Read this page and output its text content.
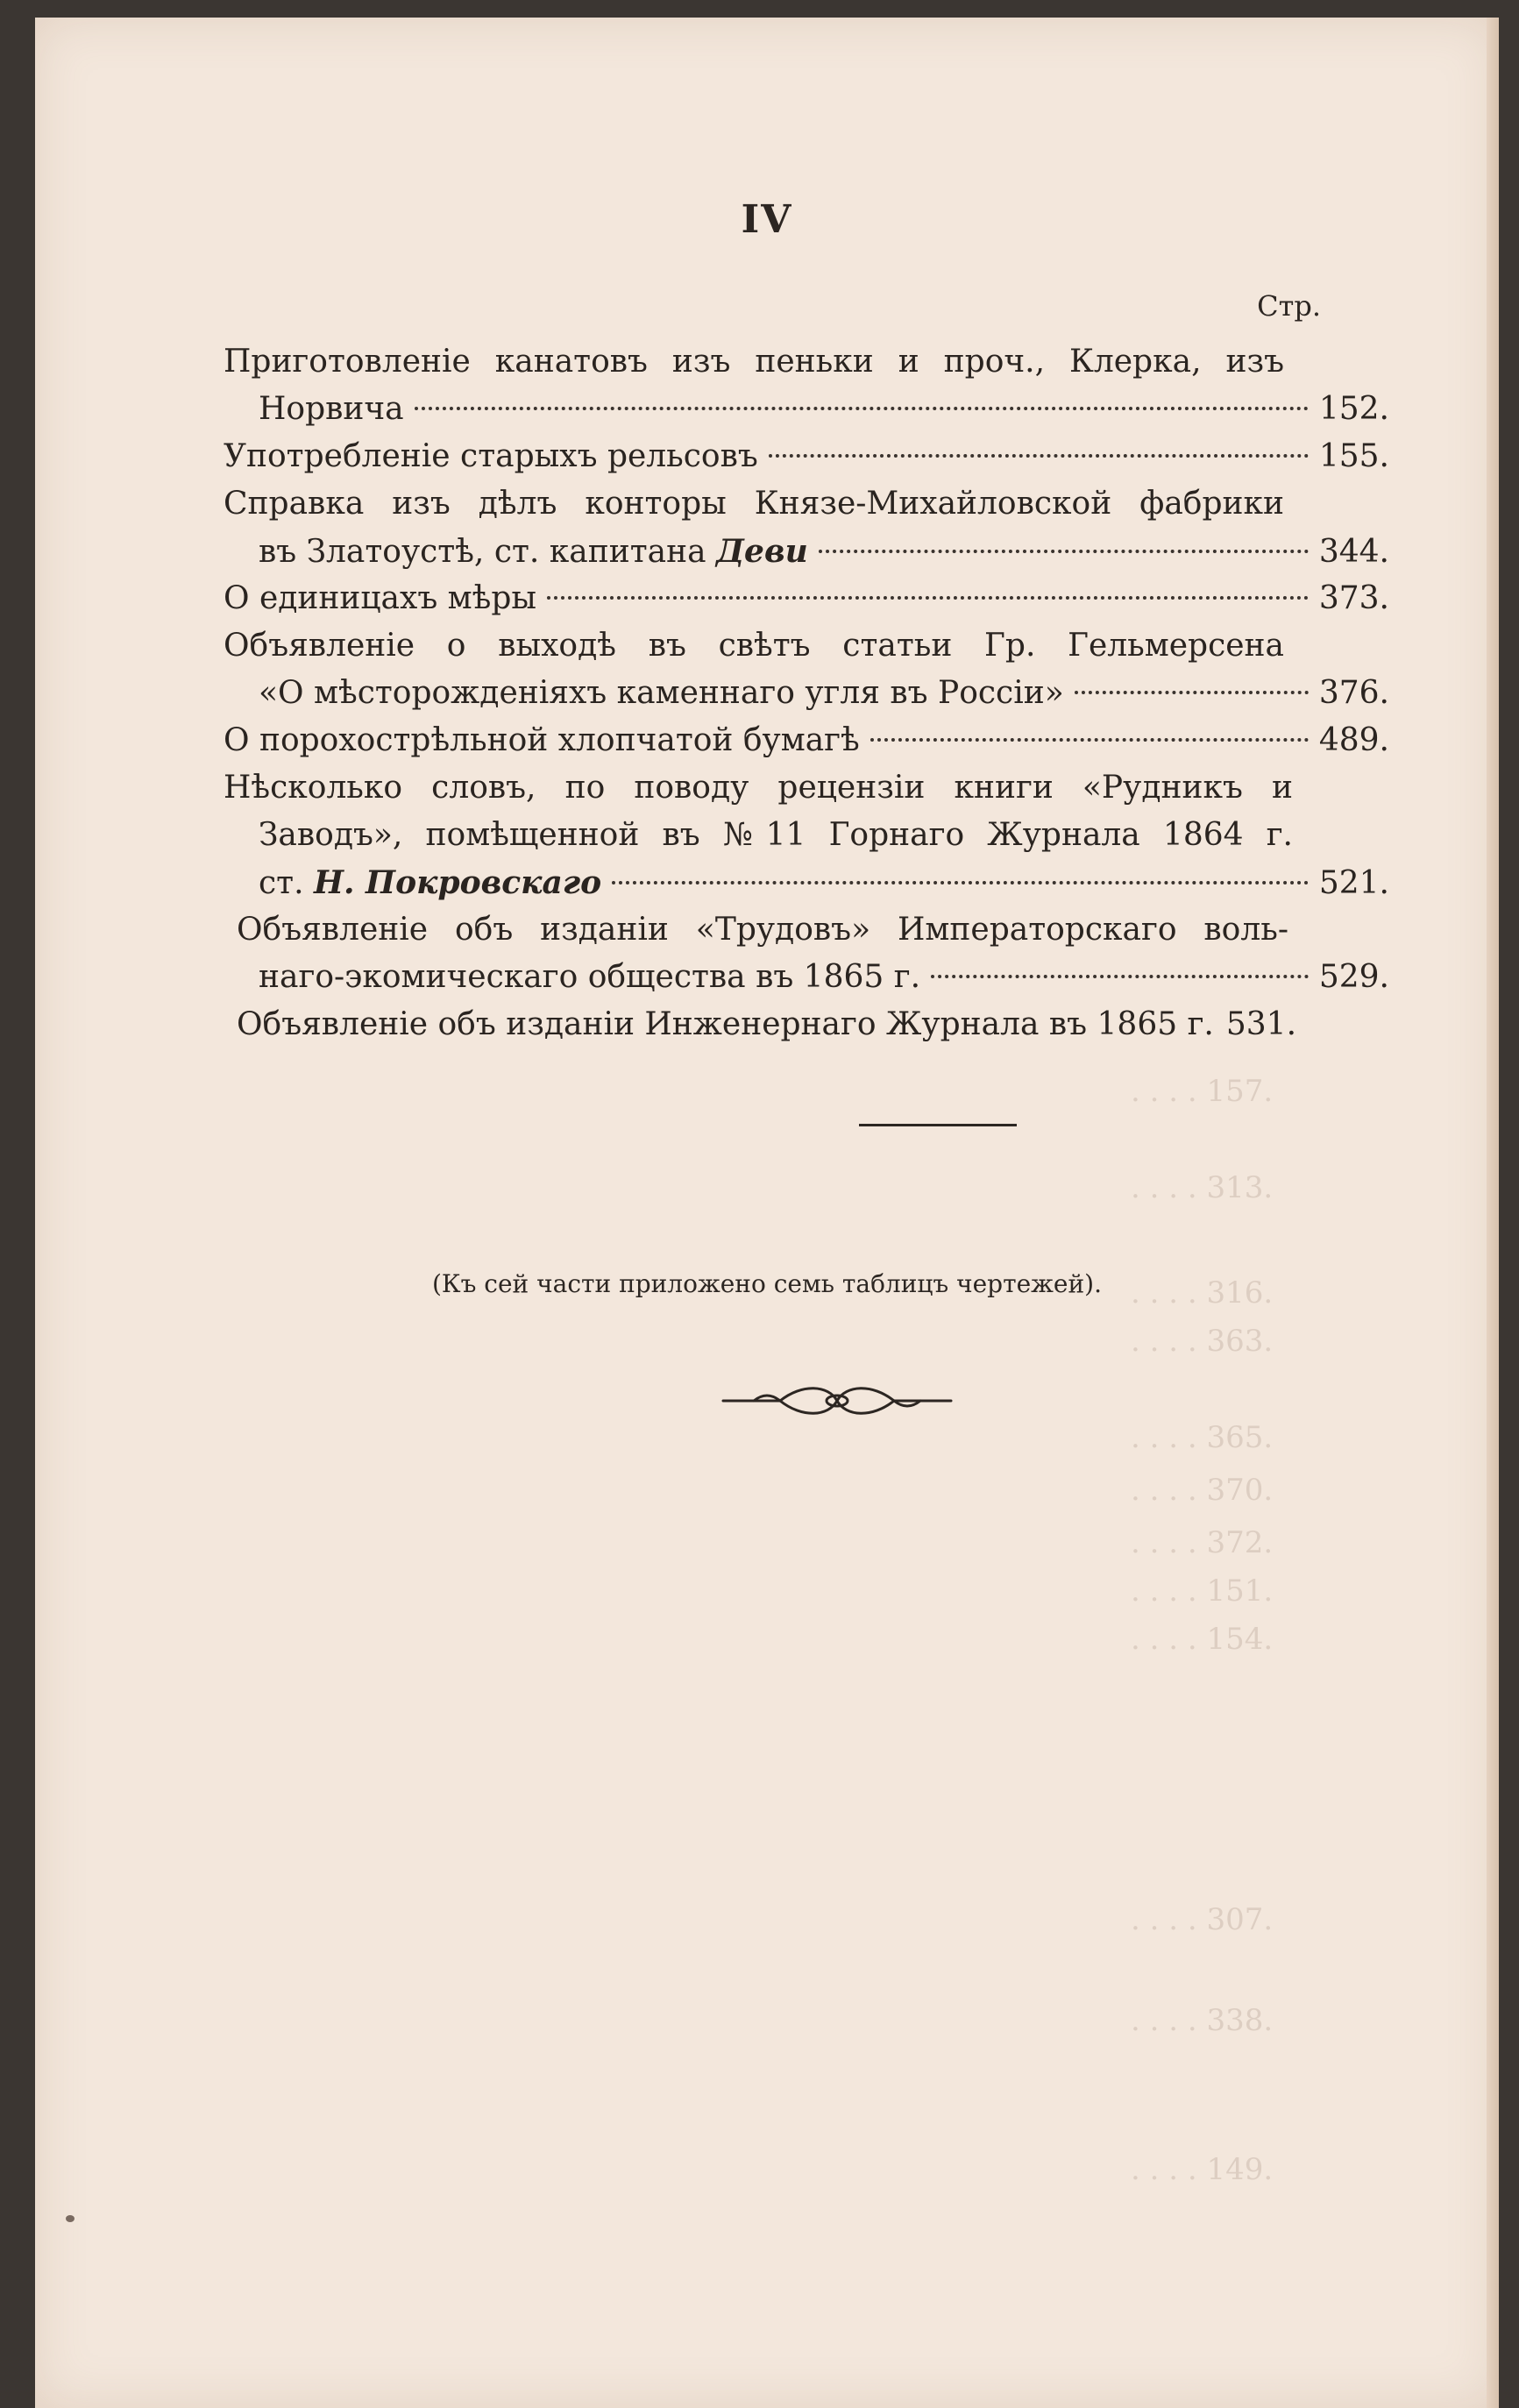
. . . . 157.
. . . . 313.
. . . . 316.
. . . . 363.
. . . . 365.
. . . . 370.
. . . . 372.
. . . . 151.
. . . . 154.
. . . . 307.
. . . . 338.
. . . . 149.
IV
Стр.
Приготовленіе канатовъ изъ пеньки и проч., Клерка, изъ
Норвича	152.
Употребленіе старыхъ рельсовъ	155.
Справка изъ дѣлъ конторы Князе-Михайловской фабрики
въ Златоустѣ, ст. капитана Деви	344.
О единицахъ мѣры	373.
Объявленіе о выходѣ въ свѣтъ статьи Гр. Гельмерсена
«О мѣсторожденіяхъ каменнаго угля въ Россіи»	376.
О порохострѣльной хлопчатой бумагѣ	489.
Нѣсколько словъ, по поводу рецензіи книги «Рудникъ и
Заводъ», помѣщенной въ №11 Горнаго Журнала 1864 г.
ст. Н. Покровскаго	521.
Объявленіе объ изданіи «Трудовъ» Императорскаго воль-
наго-экомическаго общества въ 1865 г.	529.
Объявленіе объ изданіи Инженернаго Журнала въ 1865 г. 531.
(Къ сей части приложено семь таблицъ чертежей).
